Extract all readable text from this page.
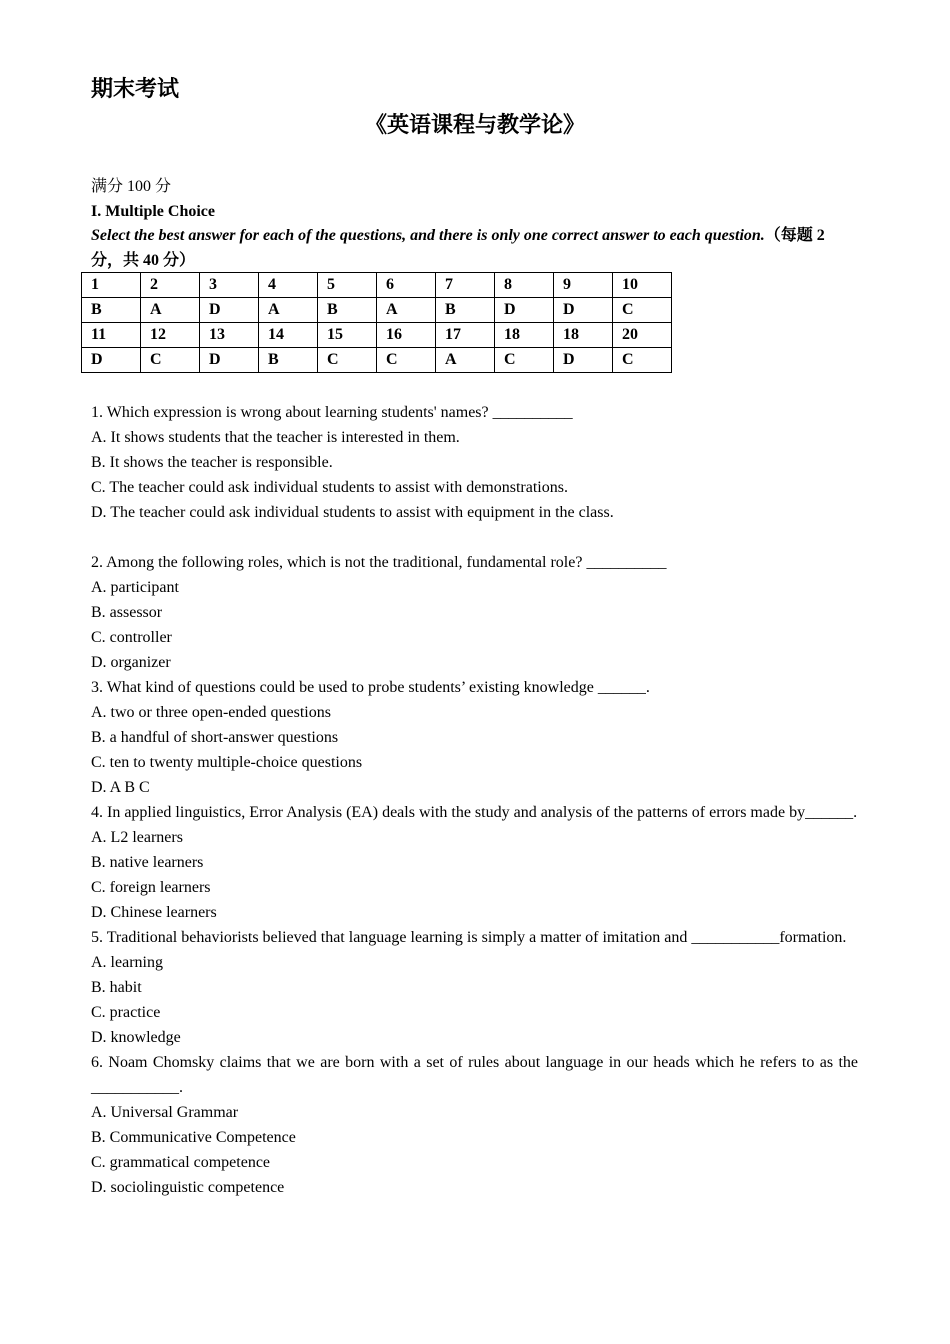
期末考试
《英语课程与教学论》
满分 100 分
I. Multiple Choice
Select the best answer for each of the questions, and there is only one correct answer to each question.（每题 2 分，共 40 分）
1	2	3	4	5	6	7	8	9	10
B	A	D	A	B	A	B	D	D	C
11	12	13	14	15	16	17	18	18	20
D	C	D	B	C	C	A	C	D	C
1. Which expression is wrong about learning students' names? __________
A. It shows students that the teacher is interested in them.
B. It shows the teacher is responsible.
C. The teacher could ask individual students to assist with demonstrations.
D. The teacher could ask individual students to assist with equipment in the class.
2. Among the following roles, which is not the traditional, fundamental role? __________
A. participant
B. assessor
C. controller
D. organizer
3. What kind of questions could be used to probe students’ existing knowledge ______.
A. two or three open-ended questions
B. a handful of short-answer questions
C. ten to twenty multiple-choice questions
D. A B C
4. In applied linguistics, Error Analysis (EA) deals with the study and analysis of the patterns of errors made by______.
A. L2 learners
B. native learners
C. foreign learners
D. Chinese learners
5. Traditional behaviorists believed that language learning is simply a matter of imitation and ___________formation.
A. learning
B. habit
C. practice
D. knowledge
6. Noam Chomsky claims that we are born with a set of rules about language in our heads which he refers to as the ___________.
A. Universal Grammar
B. Communicative Competence
C. grammatical competence
D. sociolinguistic competence
